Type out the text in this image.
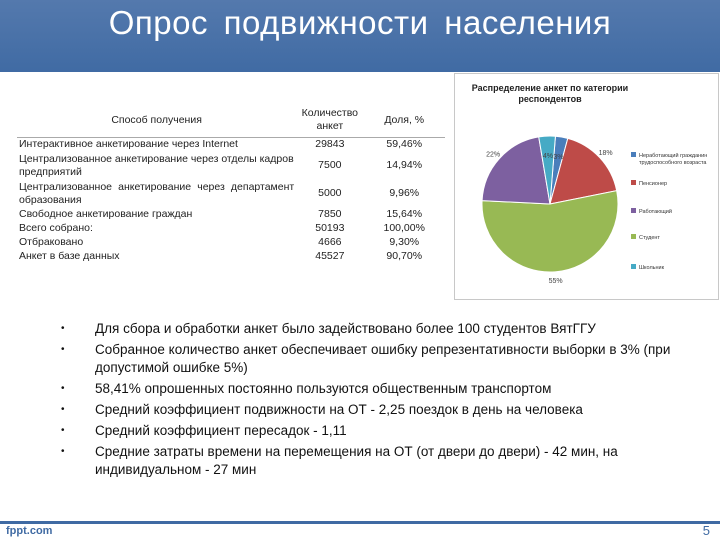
Опрос подвижности населения
Способ получения	Количество анкет	Доля, %
Интерактивное анкетирование через Internet	29843	59,46%
Централизованное анкетирование через отделы кадров предприятий	7500	14,94%
Централизованное анкетирование через департамент образования	5000	9,96%
Свободное анкетирование граждан	7850	15,64%
Всего собрано:	50193	100,00%
Отбраковано	4666	9,30%
Анкет в базе данных	45527	90,70%
Распределение анкет по категории
респондентов
3%
18%
55%
22%	4%	Неработающий гражданин трудоспособного возраста
Пенсионер
Работающий
Студент
Школьник
• Для сбора и обработки анкет было задействовано более 100 студентов ВятГГУ
• Собранное количество анкет обеспечивает ошибку репрезентативности выборки в 3% (при допустимой ошибке 5%)
• 58,41% опрошенных постоянно пользуются общественным транспортом
• Средний коэффициент подвижности на ОТ - 2,25 поездок в день на человека
• Средний коэффициент пересадок - 1,11
• Средние затраты времени на перемещения на ОТ (от двери до двери) - 42 мин, на индивидуальном - 27 мин
fppt.com	5
